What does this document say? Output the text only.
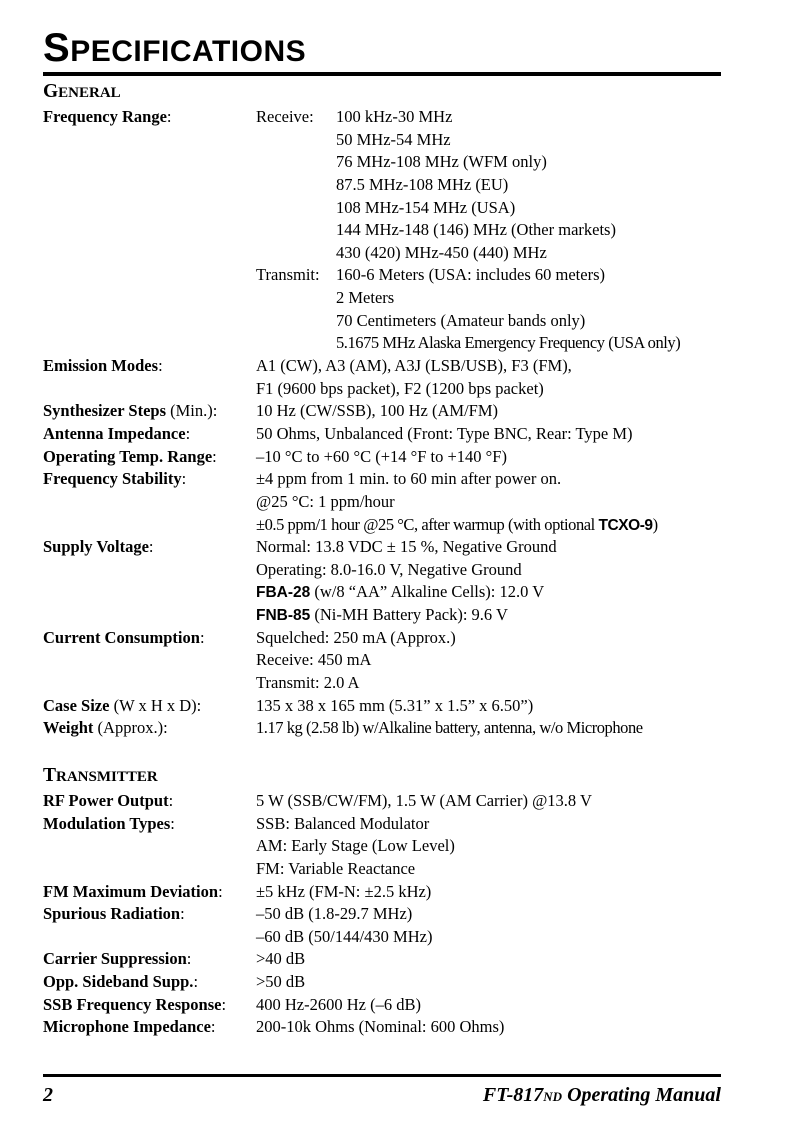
SPECIFICATIONS
GENERAL
Frequency Range:	Receive: 100 kHz-30 MHz
50 MHz-54 MHz
76 MHz-108 MHz (WFM only)
87.5 MHz-108 MHz (EU)
108 MHz-154 MHz (USA)
144 MHz-148 (146) MHz (Other markets)
430 (420) MHz-450 (440) MHz
Transmit: 160-6 Meters (USA: includes 60 meters)
2 Meters
70 Centimeters (Amateur bands only)
5.1675 MHz Alaska Emergency Frequency (USA only)
Emission Modes:	A1 (CW), A3 (AM), A3J (LSB/USB), F3 (FM),
F1 (9600 bps packet), F2 (1200 bps packet)
Synthesizer Steps (Min.): 10 Hz (CW/SSB), 100 Hz (AM/FM)
Antenna Impedance:	50 Ohms, Unbalanced (Front: Type BNC, Rear: Type M)
Operating Temp. Range: –10 °C to +60 °C (+14 °F to +140 °F)
Frequency Stability:	±4 ppm from 1 min. to 60 min after power on.
@25 °C: 1 ppm/hour
±0.5 ppm/1 hour @25 °C, after warmup (with optional TCXO-9)
Supply Voltage:	Normal: 13.8 VDC ± 15 %, Negative Ground
Operating: 8.0-16.0 V, Negative Ground
FBA-28 (w/8 “AA” Alkaline Cells): 12.0 V
FNB-85 (Ni-MH Battery Pack): 9.6 V
Current Consumption:	Squelched: 250 mA (Approx.)
Receive: 450 mA
Transmit: 2.0 A
Case Size (W x H x D):	135 x 38 x 165 mm (5.31” x 1.5” x 6.50”)
Weight (Approx.):	1.17 kg (2.58 lb) w/Alkaline battery, antenna, w/o Microphone
TRANSMITTER
RF Power Output:	5 W (SSB/CW/FM), 1.5 W (AM Carrier) @13.8 V
Modulation Types:	SSB: Balanced Modulator
AM: Early Stage (Low Level)
FM: Variable Reactance
FM Maximum Deviation: ±5 kHz (FM-N: ±2.5 kHz)
Spurious Radiation:	–50 dB (1.8-29.7 MHz)
–60 dB (50/144/430 MHz)
Carrier Suppression:	>40 dB
Opp. Sideband Supp.:	>50 dB
SSB Frequency Response: 400 Hz-2600 Hz (–6 dB)
Microphone Impedance: 200-10k Ohms (Nominal: 600 Ohms)
2	FT-817ND Operating Manual
